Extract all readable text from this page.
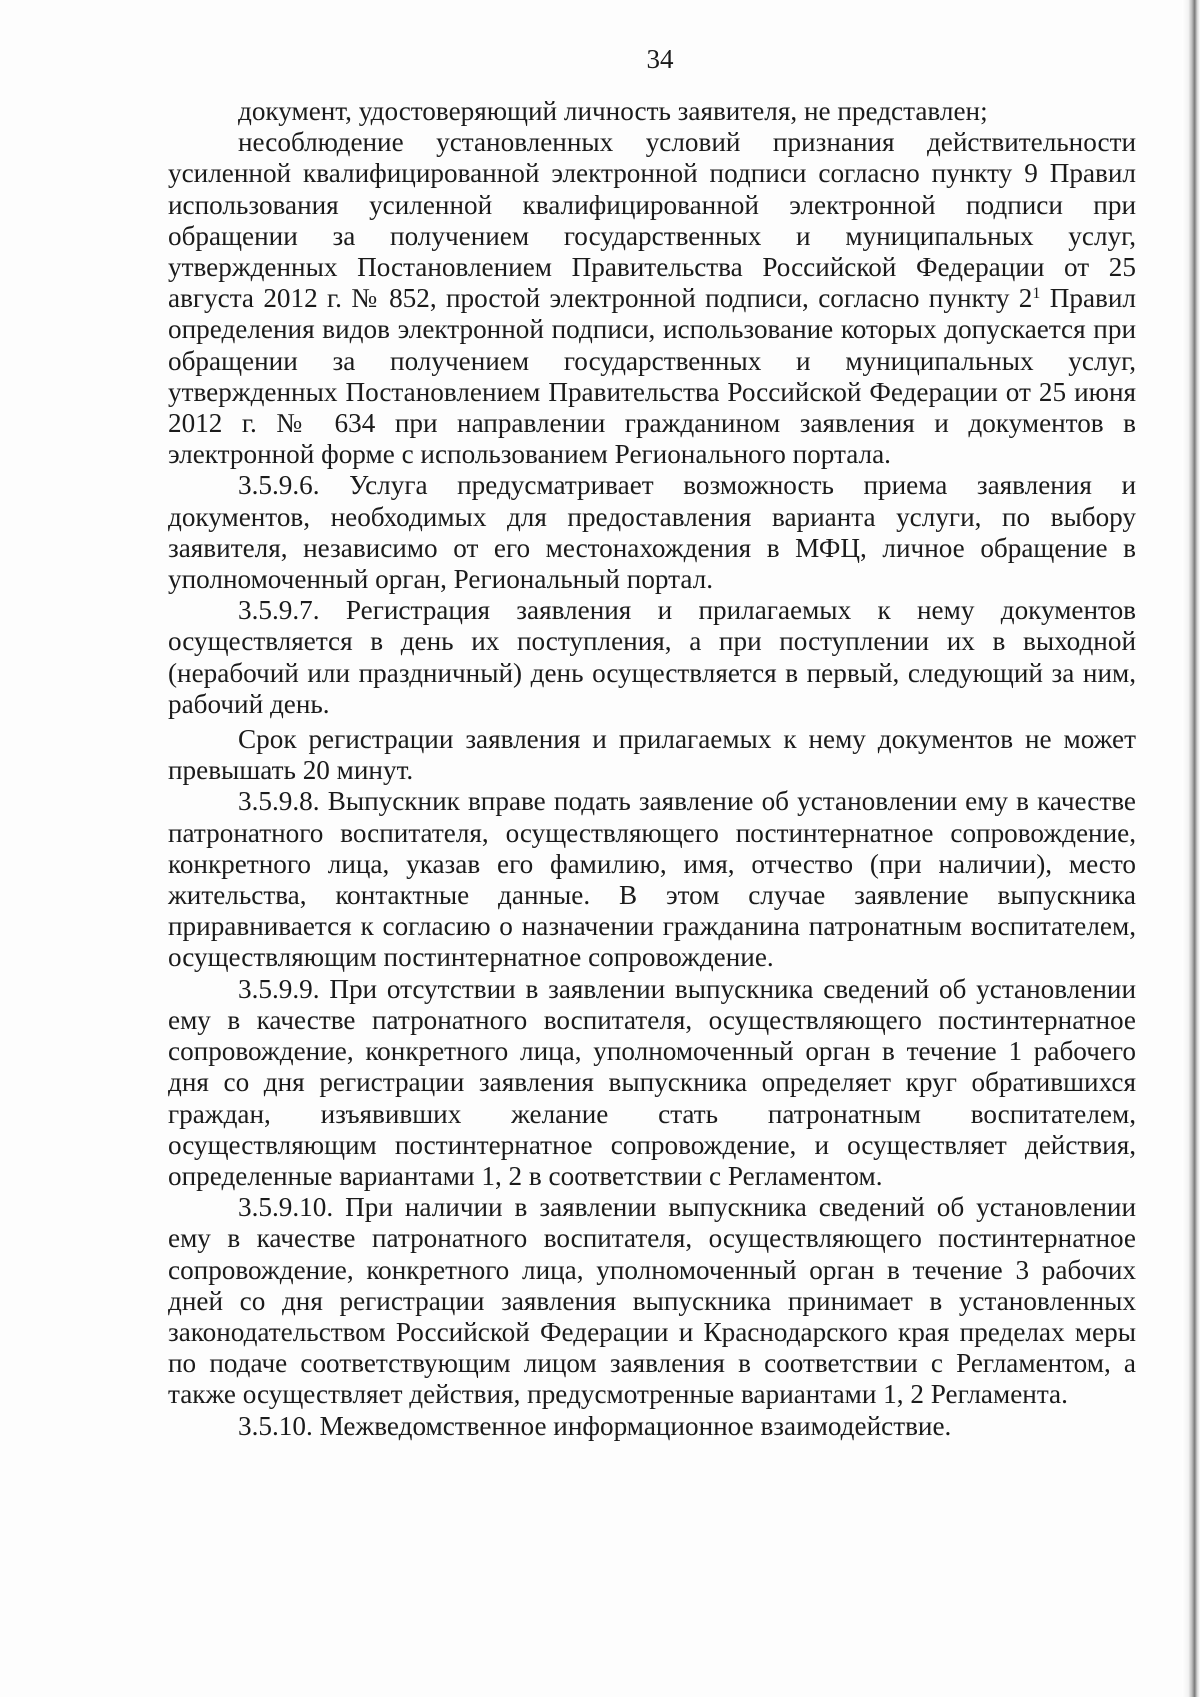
34

документ, удостоверяющий личность заявителя, не представлен;

несоблюдение установленных условий признания действительности усиленной квалифицированной электронной подписи согласно пункту 9 Правил использования усиленной квалифицированной электронной подписи при обращении за получением государственных и муниципальных услуг, утвержденных Постановлением Правительства Российской Федерации от 25 августа 2012 г. № 852, простой электронной подписи, согласно пункту $2^1$ Правил определения видов электронной подписи, использование которых допускается при обращении за получением государственных и муниципальных услуг, утвержденных Постановлением Правительства Российской Федерации от 25 июня 2012 г. № 634 при направлении гражданином заявления и документов в электронной форме с использованием Регионального портала.

3.5.9.6. Услуга предусматривает возможность приема заявления и документов, необходимых для предоставления варианта услуги, по выбору заявителя, независимо от его местонахождения в МФЦ, личное обращение в уполномоченный орган, Региональный портал.

3.5.9.7. Регистрация заявления и прилагаемых к нему документов осуществляется в день их поступления, а при поступлении их в выходной (нерабочий или праздничный) день осуществляется в первый, следующий за ним, рабочий день.

Срок регистрации заявления и прилагаемых к нему документов не может превышать 20 минут.

3.5.9.8. Выпускник вправе подать заявление об установлении ему в качестве патронатного воспитателя, осуществляющего постинтернатное сопровождение, конкретного лица, указав его фамилию, имя, отчество (при наличии), место жительства, контактные данные. В этом случае заявление выпускника приравнивается к согласию о назначении гражданина патронатным воспитателем, осуществляющим постинтернатное сопровождение.

3.5.9.9. При отсутствии в заявлении выпускника сведений об установлении ему в качестве патронатного воспитателя, осуществляющего постинтернатное сопровождение, конкретного лица, уполномоченный орган в течение 1 рабочего дня со дня регистрации заявления выпускника определяет круг обратившихся граждан, изъявивших желание стать патронатным воспитателем, осуществляющим постинтернатное сопровождение, и осуществляет действия, определенные вариантами 1, 2 в соответствии с Регламентом.

3.5.9.10. При наличии в заявлении выпускника сведений об установлении ему в качестве патронатного воспитателя, осуществляющего постинтернатное сопровождение, конкретного лица, уполномоченный орган в течение 3 рабочих дней со дня регистрации заявления выпускника принимает в установленных законодательством Российской Федерации и Краснодарского края пределах меры по подаче соответствующим лицом заявления в соответствии с Регламентом, а также осуществляет действия, предусмотренные вариантами 1, 2 Регламента.

3.5.10. Межведомственное информационное взаимодействие.
